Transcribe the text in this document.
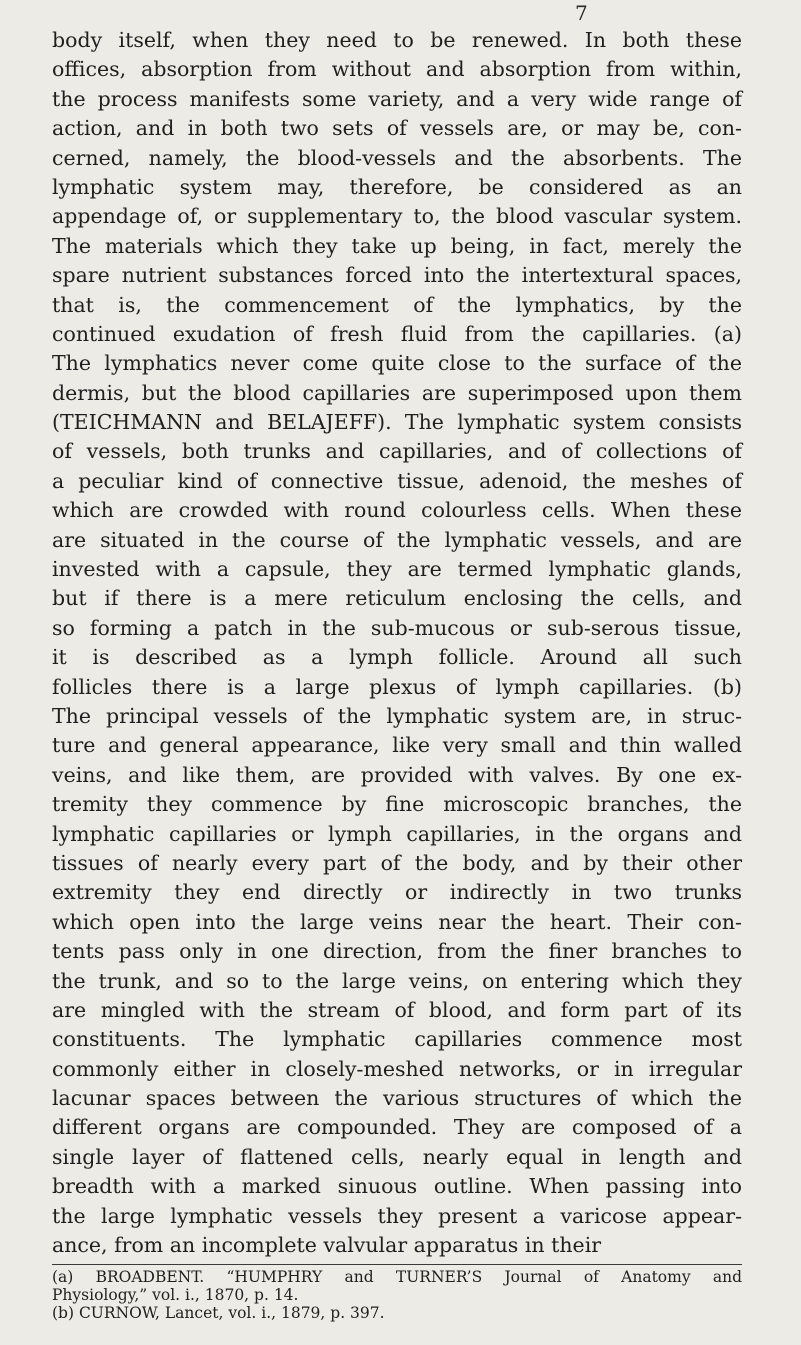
7
body itself, when they need to be renewed. In both these
offices, absorption from without and absorption from within,
the process manifests some variety, and a very wide range of
action, and in both two sets of vessels are, or may be, con-
cerned, namely, the blood-vessels and the absorbents. The
lymphatic system may, therefore, be considered as an
appendage of, or supplementary to, the blood vascular system.
The materials which they take up being, in fact, merely the
spare nutrient substances forced into the intertextural spaces,
that is, the commencement of the lymphatics, by the
continued exudation of fresh fluid from the capillaries. (a)
The lymphatics never come quite close to the surface of the
dermis, but the blood capillaries are superimposed upon them
(TEICHMANN and BELAJEFF). The lymphatic system consists
of vessels, both trunks and capillaries, and of collections of
a peculiar kind of connective tissue, adenoid, the meshes of
which are crowded with round colourless cells. When these
are situated in the course of the lymphatic vessels, and are
invested with a capsule, they are termed lymphatic glands,
but if there is a mere reticulum enclosing the cells, and
so forming a patch in the sub-mucous or sub-serous tissue,
it is described as a lymph follicle. Around all such
follicles there is a large plexus of lymph capillaries. (b)
The principal vessels of the lymphatic system are, in struc-
ture and general appearance, like very small and thin walled
veins, and like them, are provided with valves. By one ex-
tremity they commence by fine microscopic branches, the
lymphatic capillaries or lymph capillaries, in the organs and
tissues of nearly every part of the body, and by their other
extremity they end directly or indirectly in two trunks
which open into the large veins near the heart. Their con-
tents pass only in one direction, from the finer branches to
the trunk, and so to the large veins, on entering which they
are mingled with the stream of blood, and form part of its
constituents. The lymphatic capillaries commence most
commonly either in closely-meshed networks, or in irregular
lacunar spaces between the various structures of which the
different organs are compounded. They are composed of a
single layer of flattened cells, nearly equal in length and
breadth with a marked sinuous outline. When passing into
the large lymphatic vessels they present a varicose appear-
ance, from an incomplete valvular apparatus in their
(a) BROADBENT. “HUMPHRY and TURNER’S Journal of Anatomy and
Physiology,” vol. i., 1870, p. 14.
(b) CURNOW, Lancet, vol. i., 1879, p. 397.
